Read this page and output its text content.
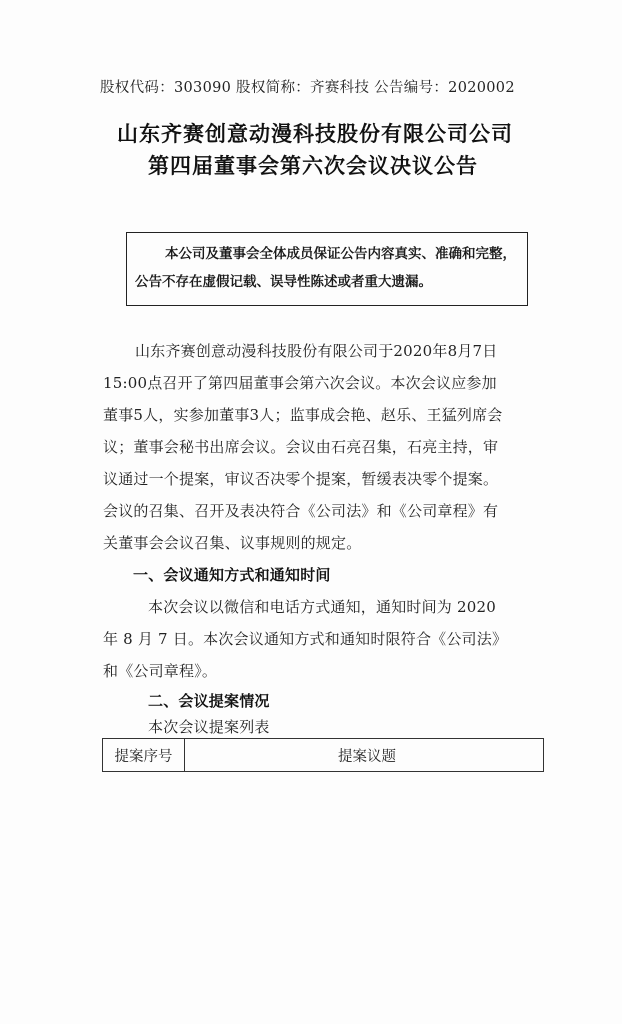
股权代码：303090 股权简称：齐赛科技 公告编号：2020002
山东齐赛创意动漫科技股份有限公司公司
第四届董事会第六次会议决议公告
本公司及董事会全体成员保证公告内容真实、准确和完整，
公告不存在虚假记载、误导性陈述或者重大遗漏。
山东齐赛创意动漫科技股份有限公司于2020年8月7日
15:00点召开了第四届董事会第六次会议。本次会议应参加
董事5人，实参加董事3人；监事成会艳、赵乐、王猛列席会
议；董事会秘书出席会议。会议由石亮召集，石亮主持，审
议通过一个提案，审议否决零个提案，暂缓表决零个提案。
会议的召集、召开及表决符合《公司法》和《公司章程》有
关董事会会议召集、议事规则的规定。
一、会议通知方式和通知时间
本次会议以微信和电话方式通知，通知时间为 2020
年 8 月 7 日。本次会议通知方式和通知时限符合《公司法》
和《公司章程》。
二、会议提案情况
本次会议提案列表
提案序号	提案议题
